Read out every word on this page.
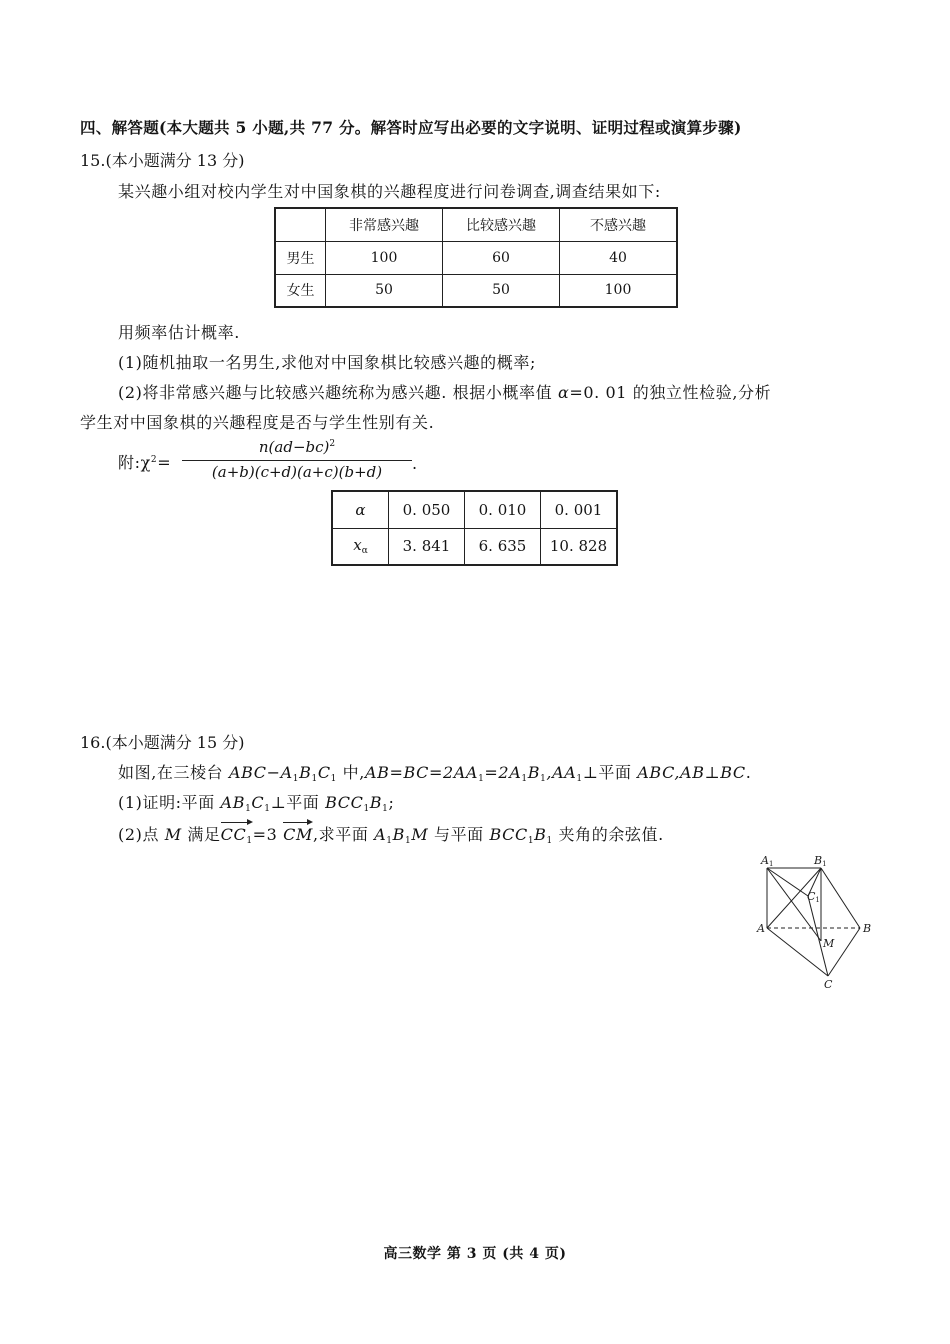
四、解答题(本大题共 5 小题,共 77 分。解答时应写出必要的文字说明、证明过程或演算步骤)
15.(本小题满分 13 分)
某兴趣小组对校内学生对中国象棋的兴趣程度进行问卷调查,调查结果如下:
	非常感兴趣	比较感兴趣	不感兴趣
男生	100	60	40
女生	50	50	100
用频率估计概率.
(1)随机抽取一名男生,求他对中国象棋比较感兴趣的概率;
(2)将非常感兴趣与比较感兴趣统称为感兴趣. 根据小概率值 α=0. 01 的独立性检验,分析
学生对中国象棋的兴趣程度是否与学生性别有关.
附$:\chi^2=$
$n(ad-bc)^2$
(a+b)(c+d)(a+c)(b+d)	.
α	0. 050	0. 010	0. 001
$x_\alpha$	3. 841	6. 635	10. 828
16.(本小题满分 15 分)
如图,在三棱台 $ABC-A_1B_1C_1$ 中$,AB=BC=2AA_1=2A_1B_1,AA_1\perp$平面 ABC,AB⊥BC.
(1)证明:平面 $AB_1C_1\perp$平面 $BCC_1B_1$;
(2)点 M 满足$CC_1=3$ CM,求平面 $A_1B_1M$ 与平面 $BCC_1B_1$ 夹角的余弦值.
A1	B1
C1
A	B
C
M
高三数学 第 3 页 (共 4 页)
